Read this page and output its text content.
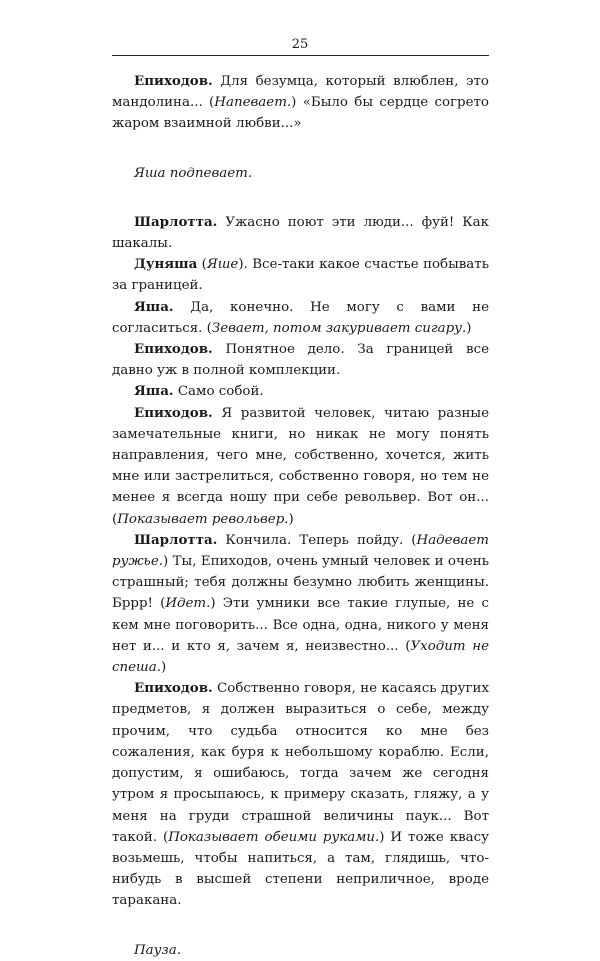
25

Епиходов. Для безумца, который влюблен, это мандолина... (Напевает.) «Было бы сердце согрето жаром взаимной любви...»

Яша подпевает.

Шарлотта. Ужасно поют эти люди... фуй! Как шакалы.

Дуняша (Яше). Все-таки какое счастье побывать за границей.

Яша. Да, конечно. Не могу с вами не согласиться. (Зевает, потом закуривает сигару.)

Епиходов. Понятное дело. За границей все давно уж в полной комплекции.

Яша. Само собой.

Епиходов. Я развитой человек, читаю разные замечательные книги, но никак не могу понять направления, чего мне, собственно, хочется, жить мне или застрелиться, собственно говоря, но тем не менее я всегда ношу при себе револьвер. Вот он... (Показывает револьвер.)

Шарлотта. Кончила. Теперь пойду. (Надевает ружье.) Ты, Епиходов, очень умный человек и очень страшный; тебя должны безумно любить женщины. Бррр! (Идет.) Эти умники все такие глупые, не с кем мне поговорить... Все одна, одна, никого у меня нет и... и кто я, зачем я, неизвестно... (Уходит не спеша.)

Епиходов. Собственно говоря, не касаясь других предметов, я должен выразиться о себе, между прочим, что судьба относится ко мне без сожаления, как буря к небольшому кораблю. Если, допустим, я ошибаюсь, тогда зачем же сегодня утром я просыпаюсь, к примеру сказать, гляжу, а у меня на груди страшной величины паук... Вот такой. (Показывает обеими руками.) И тоже квасу возьмешь, чтобы напиться, а там, глядишь, что-нибудь в высшей степени неприличное, вроде таракана.

Пауза.
